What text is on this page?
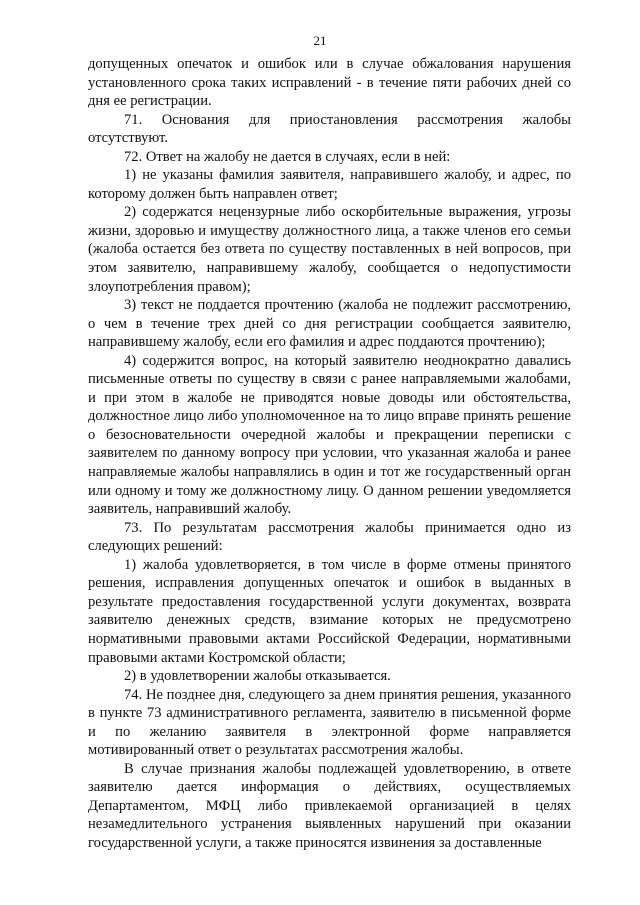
21

допущенных опечаток и ошибок или в случае обжалования нарушения установленного срока таких исправлений - в течение пяти рабочих дней со дня ее регистрации.

71. Основания для приостановления рассмотрения жалобы отсутствуют.

72. Ответ на жалобу не дается в случаях, если в ней:

1) не указаны фамилия заявителя, направившего жалобу, и адрес, по которому должен быть направлен ответ;

2) содержатся нецензурные либо оскорбительные выражения, угрозы жизни, здоровью и имуществу должностного лица, а также членов его семьи (жалоба остается без ответа по существу поставленных в ней вопросов, при этом заявителю, направившему жалобу, сообщается о недопустимости злоупотребления правом);

3) текст не поддается прочтению (жалоба не подлежит рассмотрению, о чем в течение трех дней со дня регистрации сообщается заявителю, направившему жалобу, если его фамилия и адрес поддаются прочтению);

4) содержится вопрос, на который заявителю неоднократно давались письменные ответы по существу в связи с ранее направляемыми жалобами, и при этом в жалобе не приводятся новые доводы или обстоятельства, должностное лицо либо уполномоченное на то лицо вправе принять решение о безосновательности очередной жалобы и прекращении переписки с заявителем по данному вопросу при условии, что указанная жалоба и ранее направляемые жалобы направлялись в один и тот же государственный орган или одному и тому же должностному лицу. О данном решении уведомляется заявитель, направивший жалобу.

73. По результатам рассмотрения жалобы принимается одно из следующих решений:

1) жалоба удовлетворяется, в том числе в форме отмены принятого решения, исправления допущенных опечаток и ошибок в выданных в результате предоставления государственной услуги документах, возврата заявителю денежных средств, взимание которых не предусмотрено нормативными правовыми актами Российской Федерации, нормативными правовыми актами Костромской области;

2) в удовлетворении жалобы отказывается.

74. Не позднее дня, следующего за днем принятия решения, указанного в пункте 73 административного регламента, заявителю в письменной форме и по желанию заявителя в электронной форме направляется мотивированный ответ о результатах рассмотрения жалобы.

В случае признания жалобы подлежащей удовлетворению, в ответе заявителю дается информация о действиях, осуществляемых Департаментом, МФЦ либо привлекаемой организацией в целях незамедлительного устранения выявленных нарушений при оказании государственной услуги, а также приносятся извинения за доставленные
